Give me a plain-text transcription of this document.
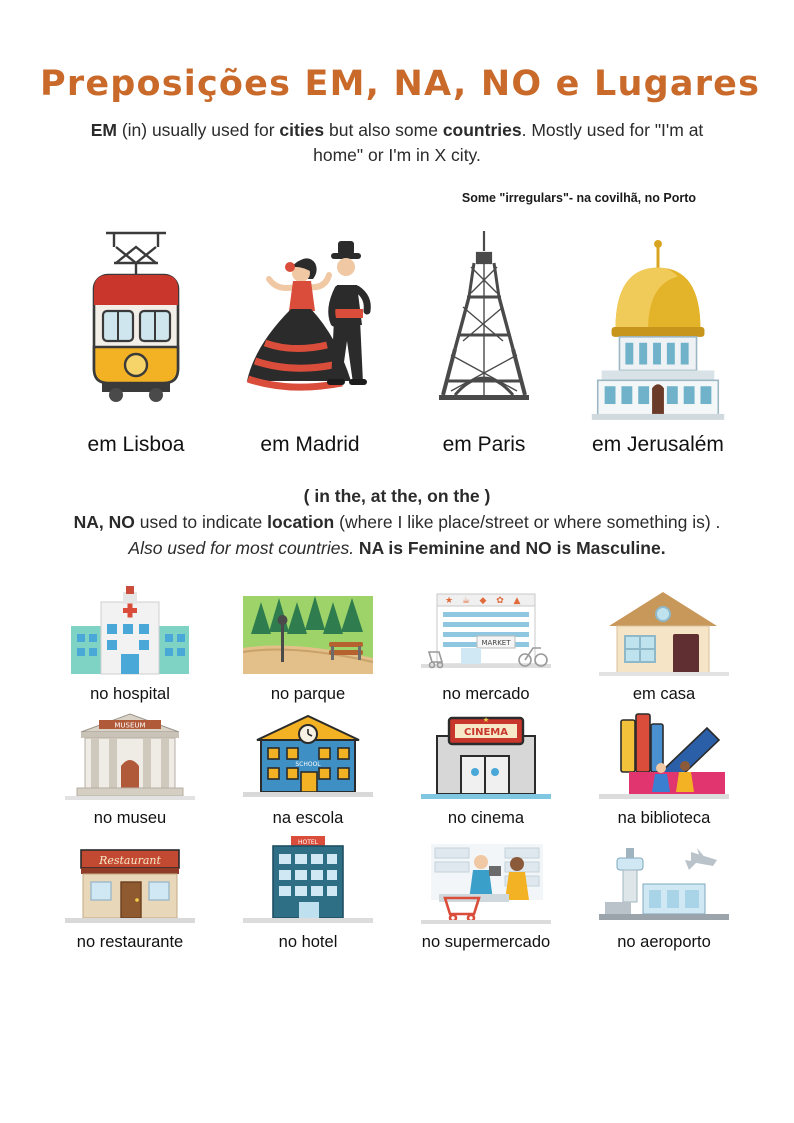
Preposições EM, NA, NO e Lugares
EM (in) usually used for cities but also some countries. Mostly used for "I'm at home" or I'm in X city.
Some "irregulars"- na covilhã, no Porto
em Lisboa	em Madrid	em Paris	em Jerusalém
( in the, at the, on the )
NA, NO used to indicate location (where I like place/street or where something is) . Also used for most countries. NA is Feminine and NO is Masculine.
no hospital	no parque
★ ☕ ◆ ✿ ▲
MARKET
no mercado	em casa
MUSEUM
no museu
SCHOOL
na escola
CINEMA
★
no cinema	na biblioteca
Restaurant
no restaurante
HOTEL
no hotel	no supermercado	no aeroporto
